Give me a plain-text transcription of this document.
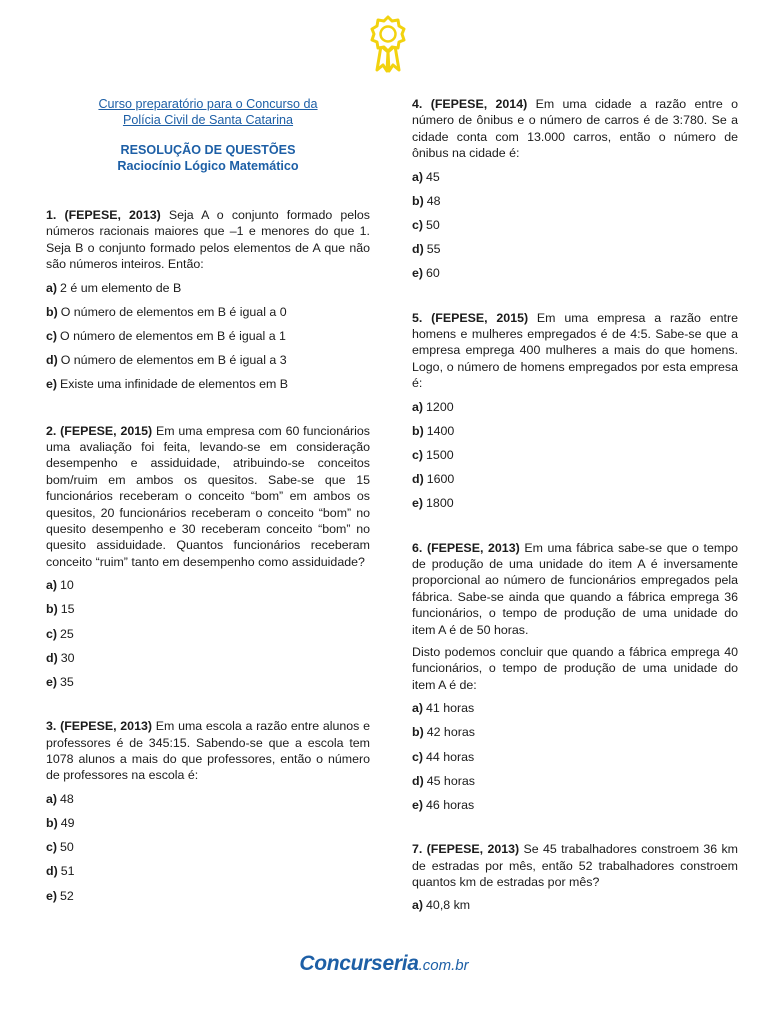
Curso preparatório para o Concurso da
Polícia Civil de Santa Catarina
RESOLUÇÃO DE QUESTÕES
Raciocínio Lógico Matemático

1. (FEPESE, 2013) Seja A o conjunto formado pelos números racionais maiores que –1 e menores do que 1. Seja B o conjunto formado pelos elementos de A que não são números inteiros. Então:

a) 2 é um elemento de B
b) O número de elementos em B é igual a 0
c) O número de elementos em B é igual a 1
d) O número de elementos em B é igual a 3
e) Existe uma infinidade de elementos em B

2. (FEPESE, 2015) Em uma empresa com 60 funcionários uma avaliação foi feita, levando-se em consideração desempenho e assiduidade, atribuindo-se conceitos bom/ruim em ambos os quesitos. Sabe-se que 15 funcionários receberam o conceito “bom” em ambos os quesitos, 20 funcionários receberam o conceito “bom” no quesito desempenho e 30 receberam conceito “bom” no quesito assiduidade. Quantos funcionários receberam conceito “ruim” tanto em desempenho como assiduidade?

a) 10
b) 15
c) 25
d) 30
e) 35

3. (FEPESE, 2013) Em uma escola a razão entre alunos e professores é de 345:15. Sabendo-se que a escola tem 1078 alunos a mais do que professores, então o número de professores na escola é:

a) 48
b) 49
c) 50
d) 51
e) 52

4. (FEPESE, 2014) Em uma cidade a razão entre o número de ônibus e o número de carros é de 3:780. Se a cidade conta com 13.000 carros, então o número de ônibus na cidade é:

a) 45
b) 48
c) 50
d) 55
e) 60

5. (FEPESE, 2015) Em uma empresa a razão entre homens e mulheres empregados é de 4:5. Sabe-se que a empresa emprega 400 mulheres a mais do que homens. Logo, o número de homens empregados por esta empresa é:

a) 1200
b) 1400
c) 1500
d) 1600
e) 1800

6. (FEPESE, 2013) Em uma fábrica sabe-se que o tempo de produção de uma unidade do item A é inversamente proporcional ao número de funcionários empregados pela fábrica. Sabe-se ainda que quando a fábrica emprega 36 funcionários, o tempo de produção de uma unidade do item A é de 50 horas.

Disto podemos concluir que quando a fábrica emprega 40 funcionários, o tempo de produção de uma unidade do item A é de:

a) 41 horas
b) 42 horas
c) 44 horas
d) 45 horas
e) 46 horas

7. (FEPESE, 2013) Se 45 trabalhadores constroem 36 km de estradas por mês, então 52 trabalhadores constroem quantos km de estradas por mês?

a) 40,8 km
Concurseria.com.br
